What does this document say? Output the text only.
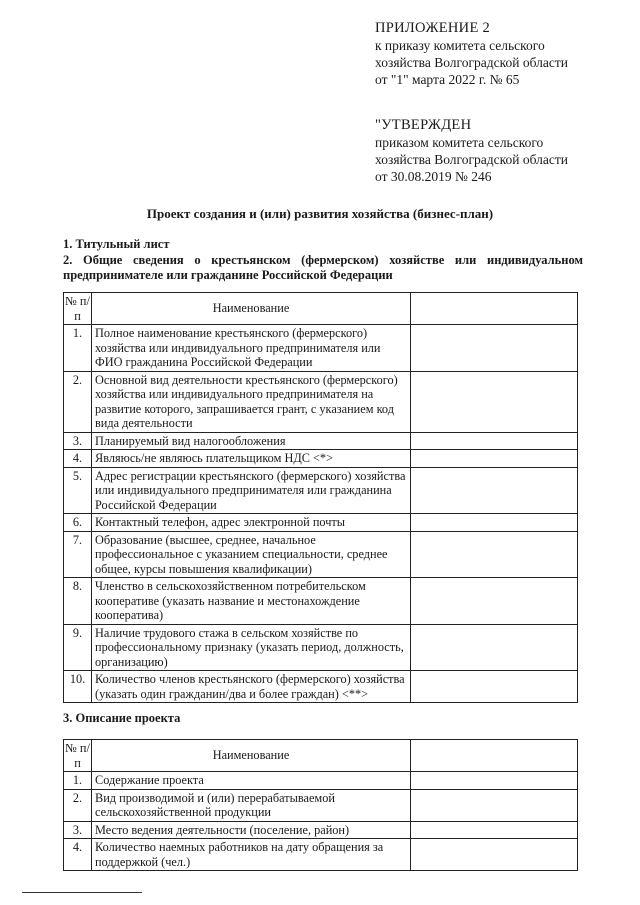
ПРИЛОЖЕНИЕ 2
к приказу комитета сельского
хозяйства Волгоградской области
от "1" марта 2022 г. № 65
"УТВЕРЖДЕН
приказом комитета сельского
хозяйства Волгоградской области
от 30.08.2019 № 246
Проект создания и (или) развития хозяйства (бизнес-план)
1. Титульный лист
2. Общие сведения о крестьянском (фермерском) хозяйстве или индивидуальном предпринимателе или гражданине Российской Федерации
№ п/п	Наименование	
1.	Полное наименование крестьянского (фермерского) хозяйства или индивидуального предпринимателя или ФИО гражданина Российской Федерации	
2.	Основной вид деятельности крестьянского (фермерского) хозяйства или индивидуального предпринимателя на развитие которого, запрашивается грант, с указанием код вида деятельности	
3.	Планируемый вид налогообложения	
4.	Являюсь/не являюсь плательщиком НДС <*>	
5.	Адрес регистрации крестьянского (фермерского) хозяйства или индивидуального предпринимателя или гражданина Российской Федерации	
6.	Контактный телефон, адрес электронной почты	
7.	Образование (высшее, среднее, начальное профессиональное с указанием специальности, среднее общее, курсы повышения квалификации)	
8.	Членство в сельскохозяйственном потребительском кооперативе (указать название и местонахождение кооператива)	
9.	Наличие трудового стажа в сельском хозяйстве по профессиональному признаку (указать период, должность, организацию)	
10.	Количество членов крестьянского (фермерского) хозяйства (указать один гражданин/два и более граждан) <**>	
3. Описание проекта
№ п/п	Наименование	
1.	Содержание проекта	
2.	Вид производимой и (или) перерабатываемой сельскохозяйственной продукции	
3.	Место ведения деятельности (поселение, район)	
4.	Количество наемных работников на дату обращения за поддержкой (чел.)	
